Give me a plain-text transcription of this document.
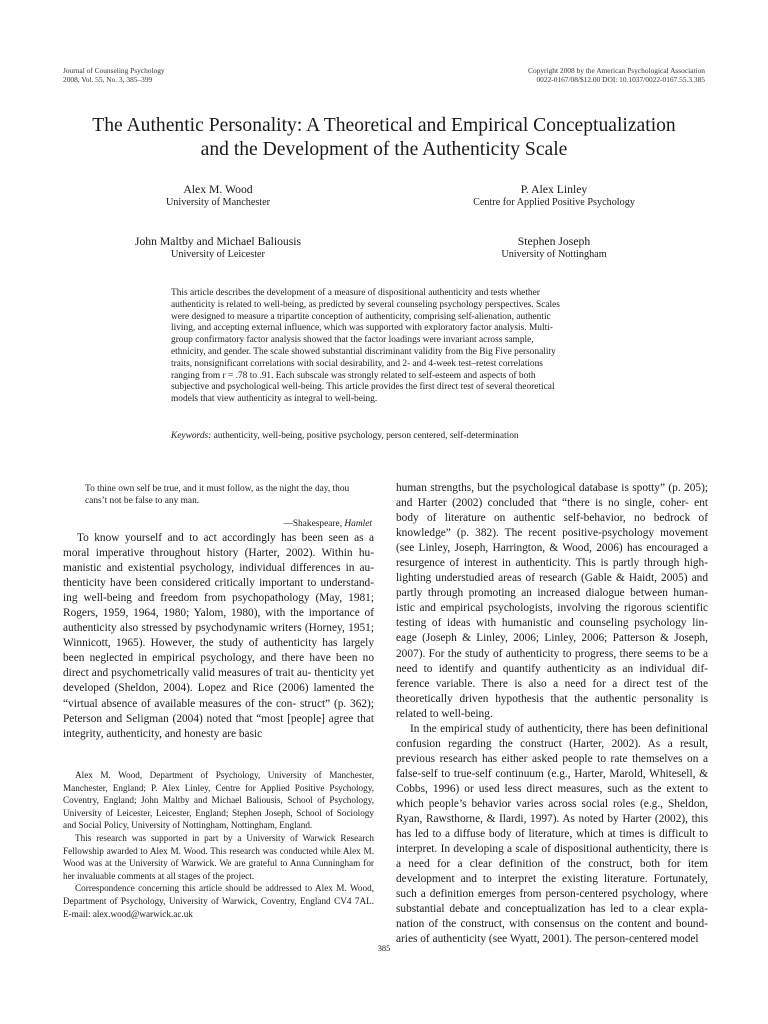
Journal of Counseling Psychology
2008, Vol. 55, No. 3, 385–399
Copyright 2008 by the American Psychological Association
0022-0167/08/$12.00 DOI: 10.1037/0022-0167.55.3.385
The Authentic Personality: A Theoretical and Empirical Conceptualization
and the Development of the Authenticity Scale
Alex M. Wood
University of Manchester
P. Alex Linley
Centre for Applied Positive Psychology
John Maltby and Michael Baliousis
University of Leicester
Stephen Joseph
University of Nottingham
This article describes the development of a measure of dispositional authenticity and tests whether
authenticity is related to well-being, as predicted by several counseling psychology perspectives. Scales
were designed to measure a tripartite conception of authenticity, comprising self-alienation, authentic
living, and accepting external influence, which was supported with exploratory factor analysis. Multi-
group confirmatory factor analysis showed that the factor loadings were invariant across sample,
ethnicity, and gender. The scale showed substantial discriminant validity from the Big Five personality
traits, nonsignificant correlations with social desirability, and 2- and 4-week test–retest correlations
ranging from r = .78 to .91. Each subscale was strongly related to self-esteem and aspects of both
subjective and psychological well-being. This article provides the first direct test of several theoretical
models that view authenticity as integral to well-being.
Keywords: authenticity, well-being, positive psychology, person centered, self-determination
To thine own self be true, and it must follow, as the night the day, thou
cans’t not be false to any man.
—Shakespeare, Hamlet

To know yourself and to act accordingly has been seen as a moral imperative throughout history (Harter, 2002). Within hu- manistic and existential psychology, individual differences in au- thenticity have been considered critically important to understand- ing well-being and freedom from psychopathology (May, 1981; Rogers, 1959, 1964, 1980; Yalom, 1980), with the importance of authenticity also stressed by psychodynamic writers (Horney, 1951; Winnicott, 1965). However, the study of authenticity has largely been neglected in empirical psychology, and there have been no direct and psychometrically valid measures of trait au- thenticity yet developed (Sheldon, 2004). Lopez and Rice (2006) lamented the “virtual absence of available measures of the con- struct” (p. 362); Peterson and Seligman (2004) noted that “most [people] agree that integrity, authenticity, and honesty are basic

Alex M. Wood, Department of Psychology, University of Manchester, Manchester, England; P. Alex Linley, Centre for Applied Positive Psychology, Coventry, England; John Maltby and Michael Baliousis, School of Psychology, University of Leicester, Leicester, England; Stephen Joseph, School of Sociology and Social Policy, University of Nottingham, Nottingham, England.

This research was supported in part by a University of Warwick Research Fellowship awarded to Alex M. Wood. This research was conducted while Alex M. Wood was at the University of Warwick. We are grateful to Anna Cunningham for her invaluable comments at all stages of the project.

Correspondence concerning this article should be addressed to Alex M. Wood, Department of Psychology, University of Warwick, Coventry, England CV4 7AL. E-mail: alex.wood@warwick.ac.uk

human strengths, but the psychological database is spotty” (p. 205); and Harter (2002) concluded that “there is no single, coher- ent body of literature on authentic self-behavior, no bedrock of knowledge” (p. 382). The recent positive-psychology movement (see Linley, Joseph, Harrington, & Wood, 2006) has encouraged a resurgence of interest in authenticity. This is partly through high- lighting understudied areas of research (Gable & Haidt, 2005) and partly through promoting an increased dialogue between human- istic and empirical psychologists, involving the rigorous scientific testing of ideas with humanistic and counseling psychology lin- eage (Joseph & Linley, 2006; Linley, 2006; Patterson & Joseph, 2007). For the study of authenticity to progress, there seems to be a need to identify and quantify authenticity as an individual dif- ference variable. There is also a need for a direct test of the theoretically driven hypothesis that the authentic personality is related to well-being.

In the empirical study of authenticity, there has been definitional confusion regarding the construct (Harter, 2002). As a result, previous research has either asked people to rate themselves on a false-self to true-self continuum (e.g., Harter, Marold, Whitesell, & Cobbs, 1996) or used less direct measures, such as the extent to which people’s behavior varies across social roles (e.g., Sheldon, Ryan, Rawsthorne, & Ilardi, 1997). As noted by Harter (2002), this has led to a diffuse body of literature, which at times is difficult to interpret. In developing a scale of dispositional authenticity, there is a need for a clear definition of the construct, both for item development and to interpret the existing literature. Fortunately, such a definition emerges from person-centered psychology, where substantial debate and conceptualization has led to a clear expla- nation of the construct, with consensus on the content and bound- aries of authenticity (see Wyatt, 2001). The person-centered model

385
